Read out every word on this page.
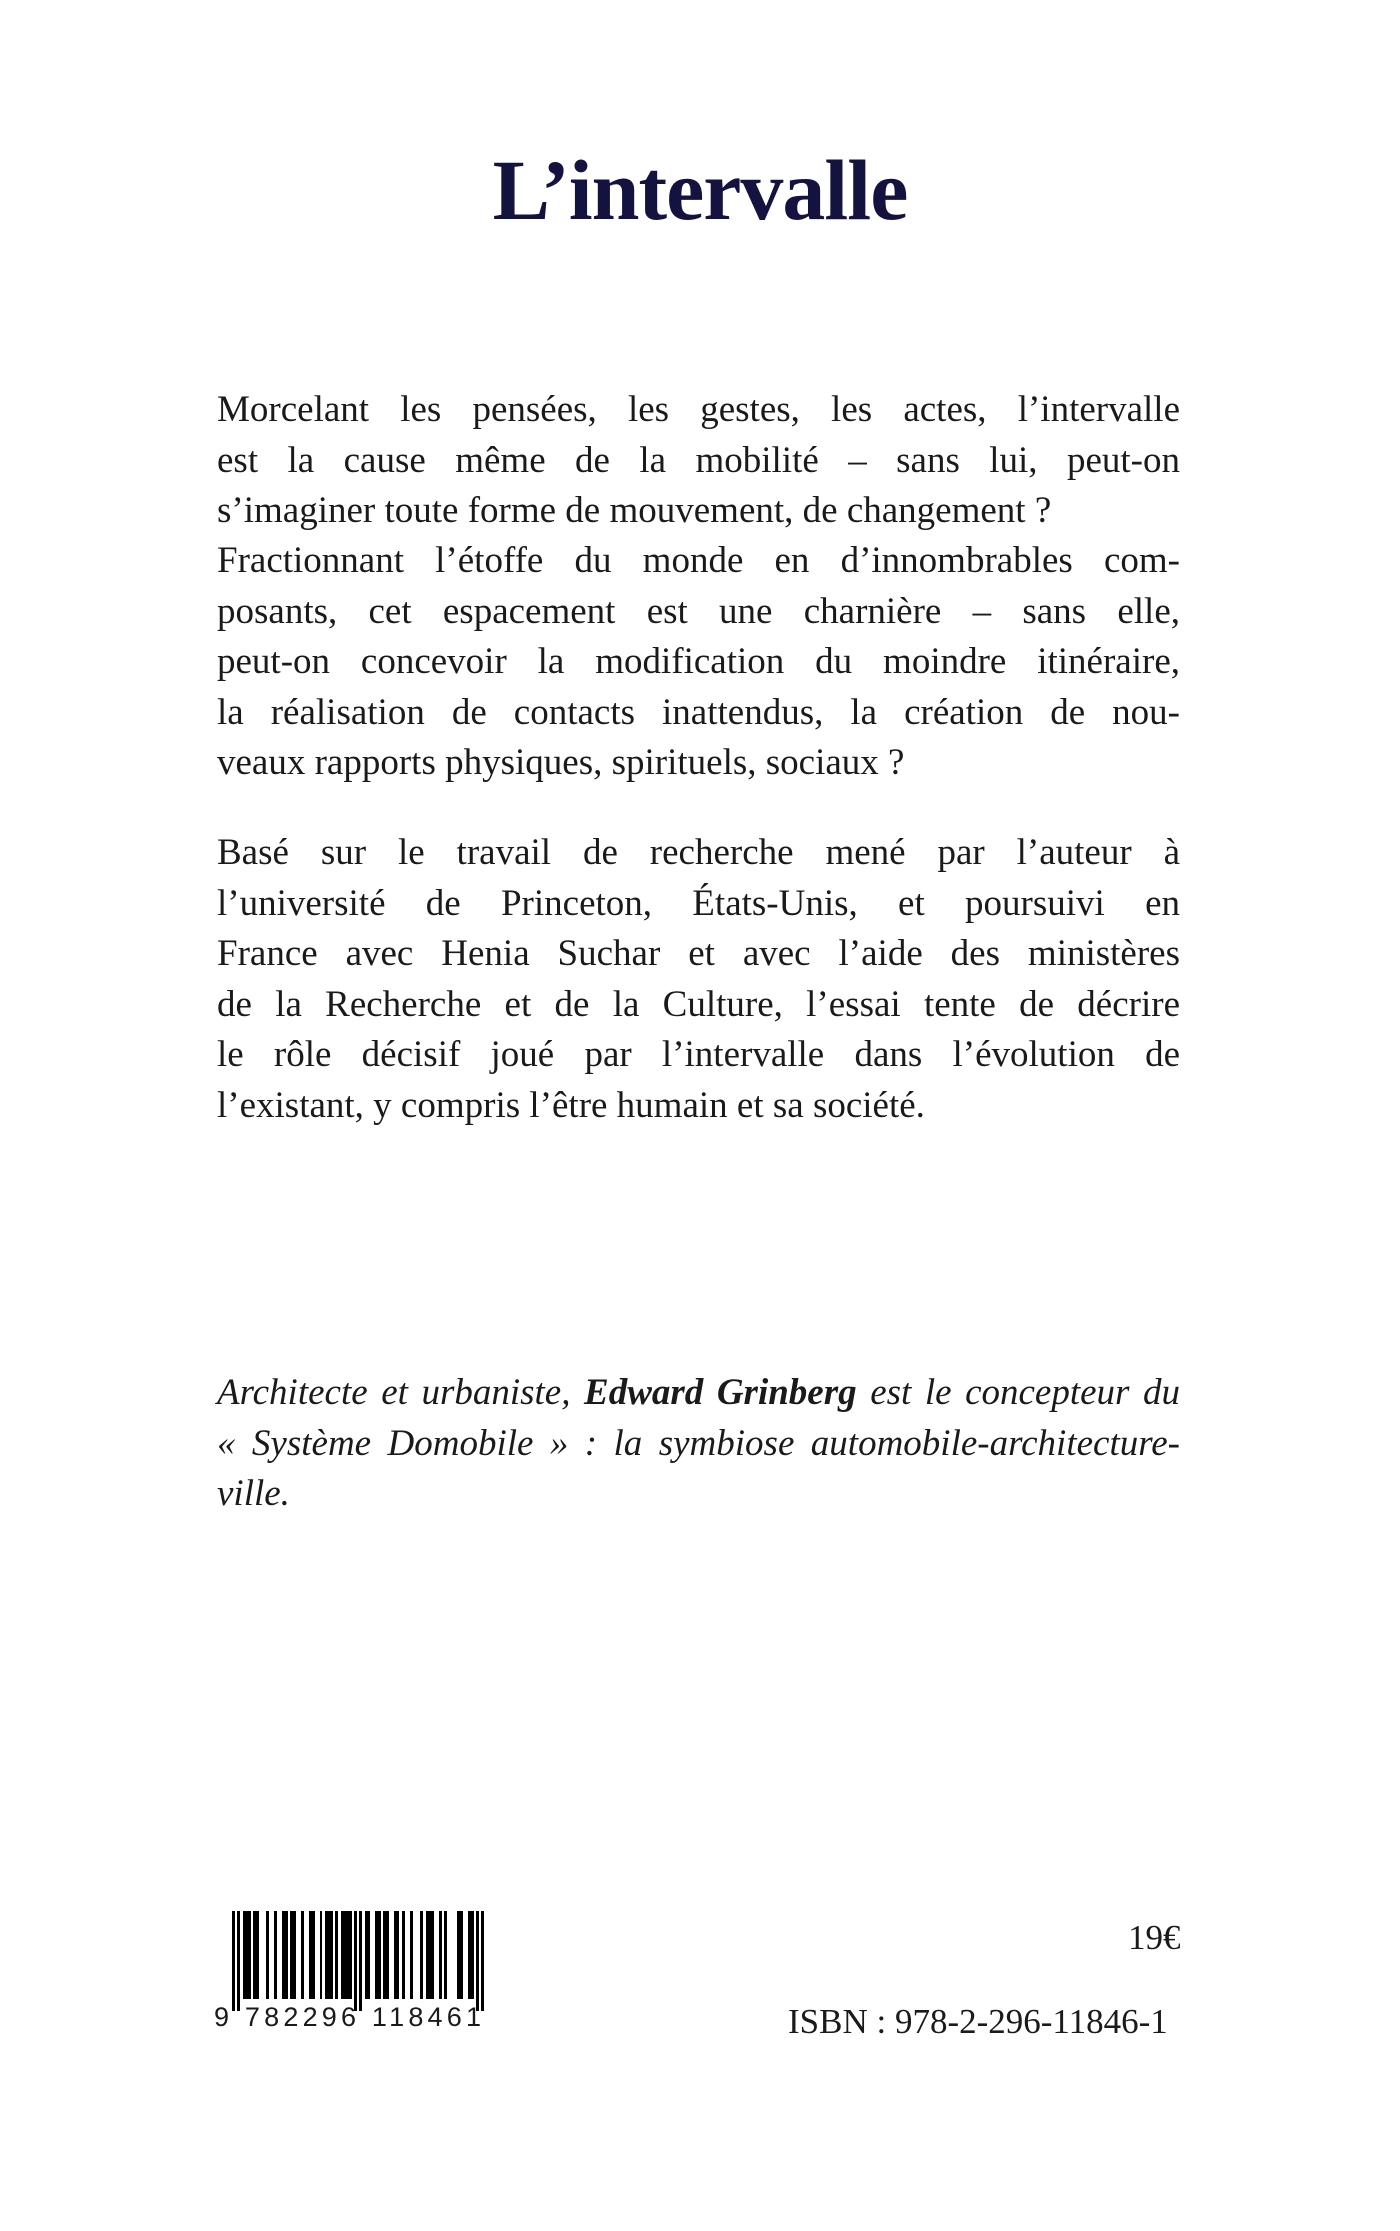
L’intervalle
Morcelant les pensées, les gestes, les actes, l’intervalle
est la cause même de la mobilité – sans lui, peut-on
s’imaginer toute forme de mouvement, de changement ?
Fractionnant l’étoffe du monde en d’innombrables com-
posants, cet espacement est une charnière – sans elle,
peut-on concevoir la modification du moindre itinéraire,
la réalisation de contacts inattendus, la création de nou-
veaux rapports physiques, spirituels, sociaux ?
Basé sur le travail de recherche mené par l’auteur à
l’université de Princeton, États-Unis, et poursuivi en
France avec Henia Suchar et avec l’aide des ministères
de la Recherche et de la Culture, l’essai tente de décrire
le rôle décisif joué par l’intervalle dans l’évolution de
l’existant, y compris l’être humain et sa société.
Architecte et urbaniste, Edward Grinberg est le concepteur du
« Système Domobile » : la symbiose automobile-architecture-
ville.
9 782296 118461
19€
ISBN : 978-2-296-11846-1
